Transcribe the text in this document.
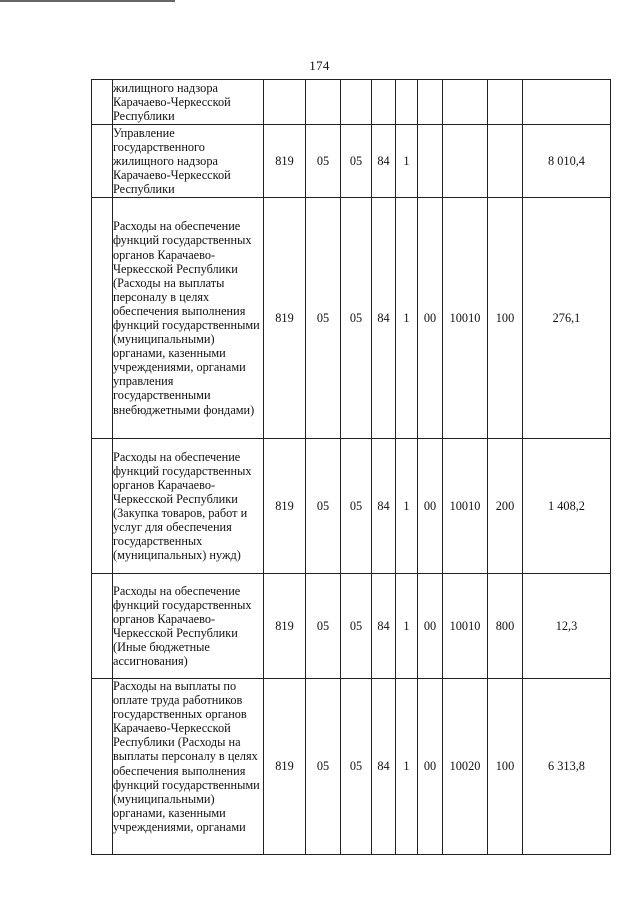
174
	жилищного надзора Карачаево-Черкесской Республики									
	Управление государственного жилищного надзора Карачаево-Черкесской Республики	819	05	05	84	1				8 010,4
	Расходы на обеспечение функций государственных органов Карачаево-Черкесской Республики (Расходы на выплаты персоналу в целях обеспечения выполнения функций государственными (муниципальными) органами, казенными учреждениями, органами управления государственными внебюджетными фондами)	819	05	05	84	1	00	10010	100	276,1
	Расходы на обеспечение функций государственных органов Карачаево-Черкесской Республики (Закупка товаров, работ и услуг для обеспечения государственных (муниципальных) нужд)	819	05	05	84	1	00	10010	200	1 408,2
	Расходы на обеспечение функций государственных органов Карачаево-Черкесской Республики (Иные бюджетные ассигнования)	819	05	05	84	1	00	10010	800	12,3
	Расходы на выплаты по оплате труда работников государственных органов Карачаево-Черкесской Республики (Расходы на выплаты персоналу в целях обеспечения выполнения функций государственными (муниципальными) органами, казенными учреждениями, органами	819	05	05	84	1	00	10020	100	6 313,8
